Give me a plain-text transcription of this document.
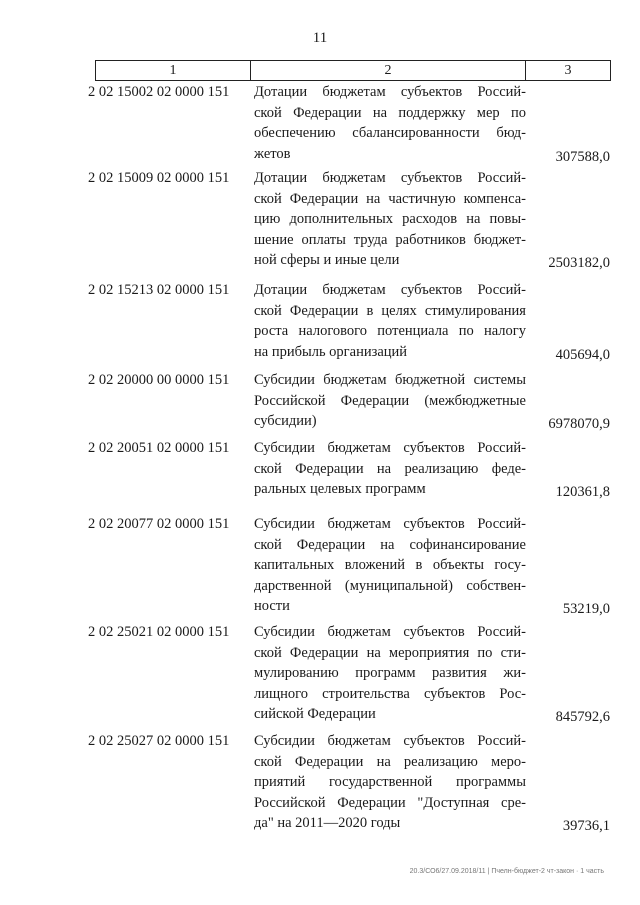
11
1	2	3
2 02 15002 02 0000 151 Дотации бюджетам субъектов Россий-
ской Федерации на поддержку мер по
обеспечению сбалансированности бюд-
жетов	307588,0
2 02 15009 02 0000 151 Дотации бюджетам субъектов Россий-
ской Федерации на частичную компенса-
цию дополнительных расходов на повы-
шение оплаты труда работников бюджет-
ной сферы и иные цели	2503182,0
2 02 15213 02 0000 151 Дотации бюджетам субъектов Россий-
ской Федерации в целях стимулирования
роста налогового потенциала по налогу
на прибыль организаций	405694,0
2 02 20000 00 0000 151 Субсидии бюджетам бюджетной системы
Российской Федерации (межбюджетные
субсидии)	6978070,9
2 02 20051 02 0000 151 Субсидии бюджетам субъектов Россий-
ской Федерации на реализацию феде-
ральных целевых программ	120361,8
2 02 20077 02 0000 151 Субсидии бюджетам субъектов Россий-
ской Федерации на софинансирование
капитальных вложений в объекты госу-
дарственной (муниципальной) собствен-
ности	53219,0
2 02 25021 02 0000 151 Субсидии бюджетам субъектов Россий-
ской Федерации на мероприятия по сти-
мулированию программ развития жи-
лищного строительства субъектов Рос-
сийской Федерации	845792,6
2 02 25027 02 0000 151 Субсидии бюджетам субъектов Россий-
ской Федерации на реализацию меро-
приятий государственной программы
Российской Федерации "Доступная сре-
да" на 2011—2020 годы	39736,1
20.3/СО6/27.09.2018/11 | Пчелн-бюджет-2 чт-закон · 1 часть
